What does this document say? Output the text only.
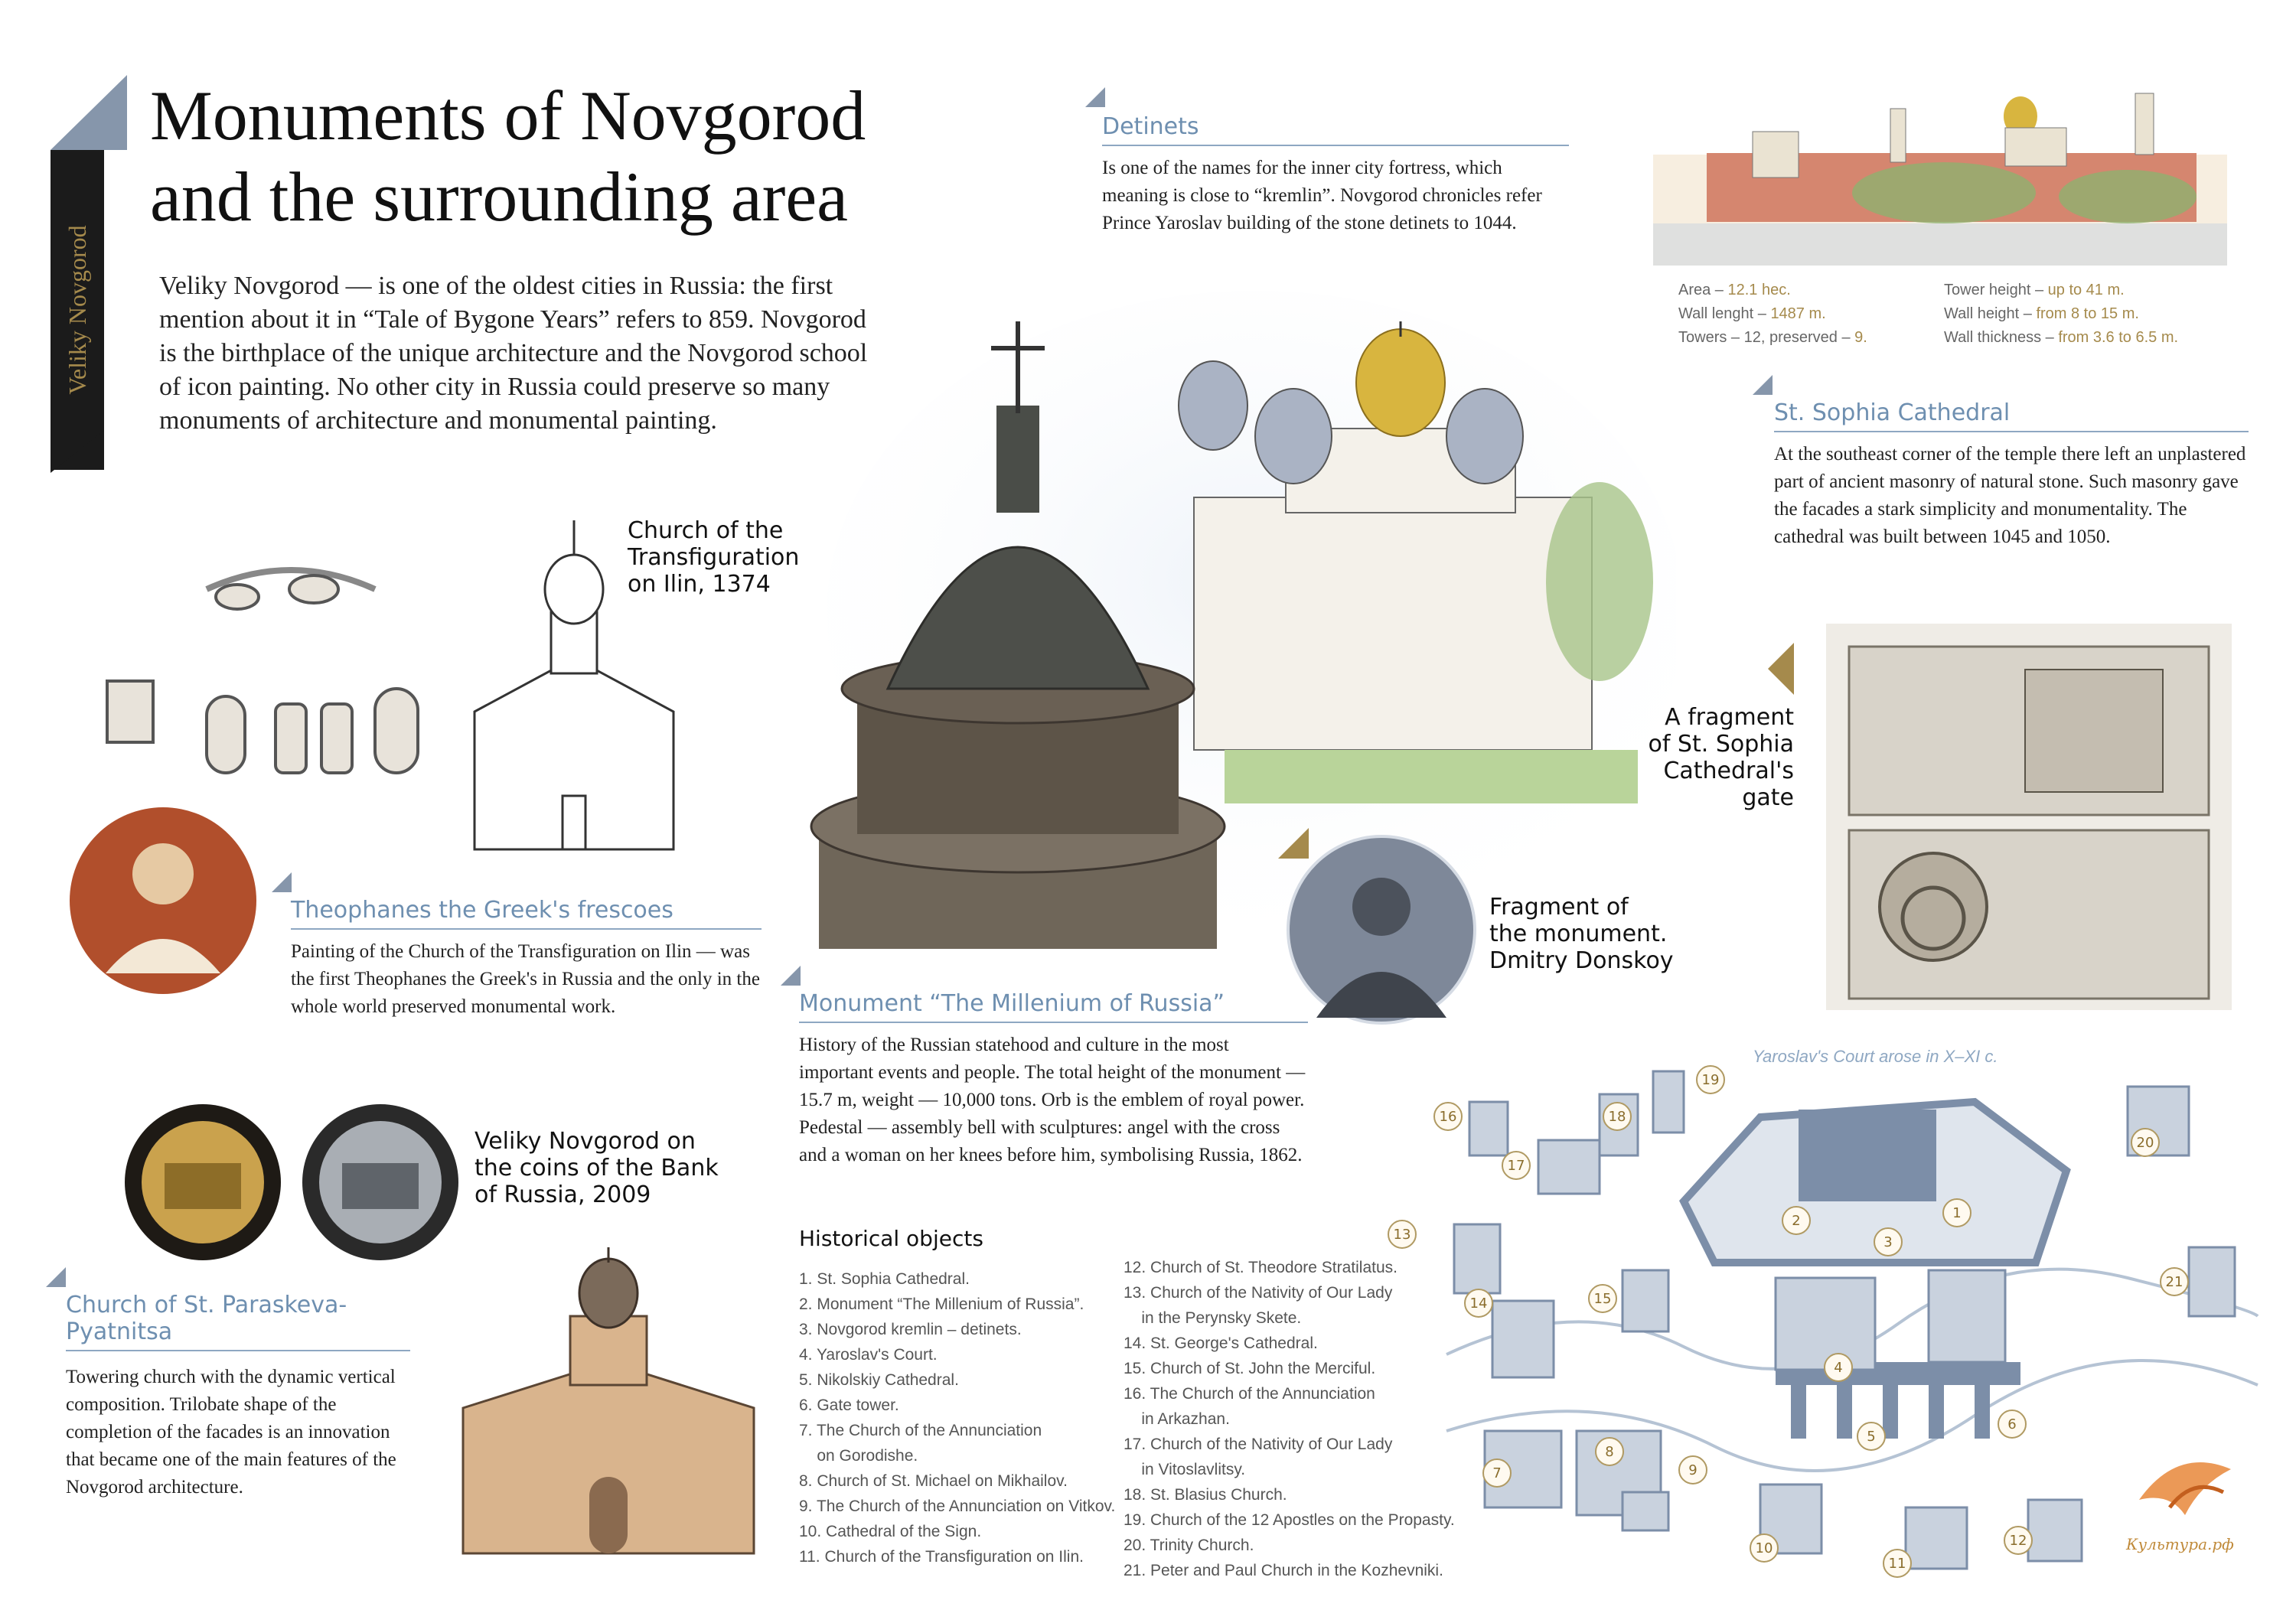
Veliky Novgorod
Monuments of Novgorod
and the surrounding area
Veliky Novgorod — is one of the oldest cities in Russia: the first mention about it in “Tale of Bygone Years” refers to 859. Novgorod is the birthplace of the unique architecture and the Novgorod school of icon painting. No other city in Russia could preserve so many monuments of architecture and monumental painting.
Detinets
Is one of the names for the inner city fortress, which meaning is close to “kremlin”. Novgorod chronicles refer Prince Yaroslav building of the stone detinets to 1044.
Area – 12.1 hec.
Wall lenght – 1487 m.
Towers – 12, preserved – 9.
Tower height – up to 41 m.
Wall height – from 8 to 15 m.
Wall thickness – from 3.6 to 6.5 m.
St. Sophia Cathedral
At the southeast corner of the temple there left an unplastered part of ancient masonry of natural stone. Such masonry gave the facades a stark simplicity and monumentality. The cathedral was built between 1045 and 1050.
A fragment
of St. Sophia
Cathedral's
gate
Church of the
Transfiguration
on Ilin, 1374
Theophanes the Greek's frescoes
Painting of the Church of the Transfiguration on Ilin — was the first Theophanes the Greek's in Russia and the only in the whole world preserved monumental work.
Fragment of
the monument.
Dmitry Donskoy
Monument “The Millenium of Russia”
History of the Russian statehood and culture in the most important events and people. The total height of the monument — 15.7 m, weight — 10,000 tons. Orb is the emblem of royal power. Pedestal — assembly bell with sculptures: angel with the cross and a woman on her knees before him, symbolising Russia, 1862.
Veliky Novgorod on
the coins of the Bank
of Russia, 2009
Church of St. Paraskeva-
Pyatnitsa
Towering church with the dynamic vertical composition. Trilobate shape of the completion of the facades is an innovation that became one of the main features of the Novgorod architecture.
Historical objects
1. St. Sophia Cathedral.
2. Monument “The Millenium of Russia”.
3. Novgorod kremlin – detinets.
4. Yaroslav's Court.
5. Nikolskiy Cathedral.
6. Gate tower.
7. The Church of the Annunciation
on Gorodishe.
8. Church of St. Michael on Mikhailov.
9. The Church of the Annunciation on Vitkov.
10. Cathedral of the Sign.
11. Church of the Transfiguration on Ilin.
12. Church of St. Theodore Stratilatus.
13. Church of the Nativity of Our Lady
in the Perynsky Skete.
14. St. George's Cathedral.
15. Church of St. John the Merciful.
16. The Church of the Annunciation
in Arkazhan.
17. Church of the Nativity of Our Lady
in Vitoslavlitsy.
18. St. Blasius Church.
19. Church of the 12 Apostles on the Propasty.
20. Trinity Church.
21. Peter and Paul Church in the Kozhevniki.
Yaroslav's Court arose in X–XI c.
1
2
3
4
5
6
7
8
9
10
11
12
13
14	15
16
17
18
19
20
21
Культура.рф
